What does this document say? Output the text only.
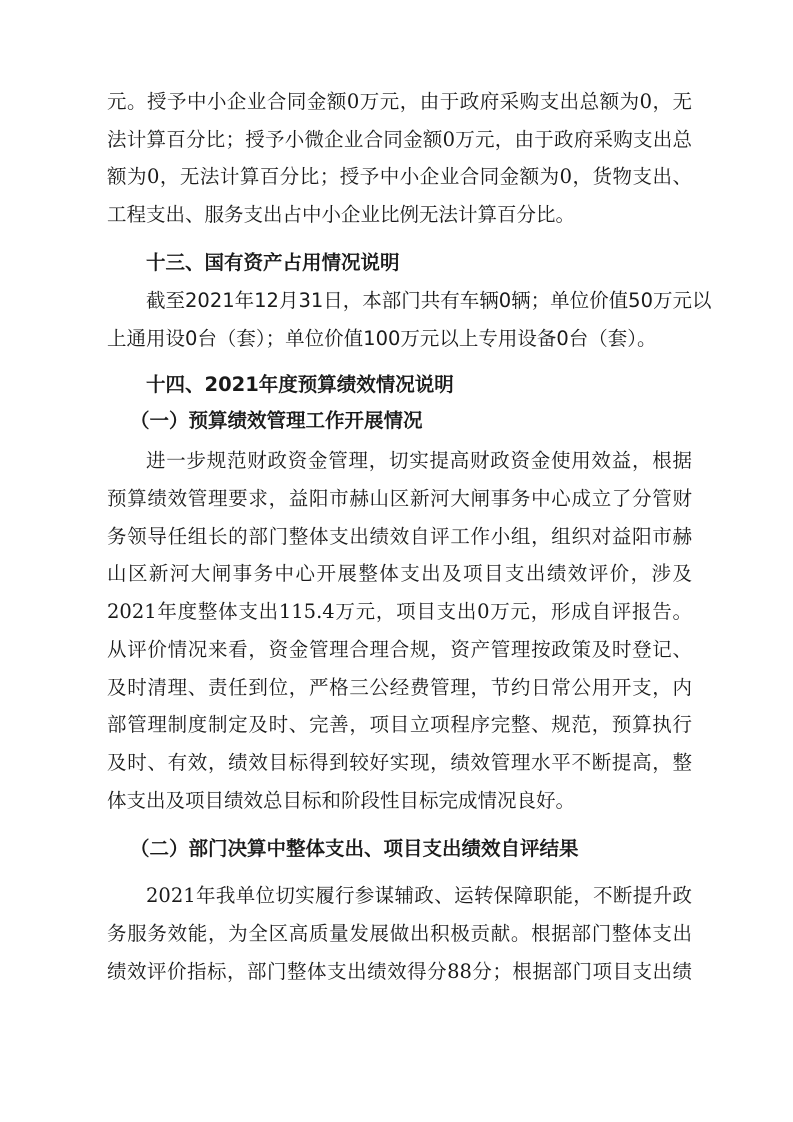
元。授予中小企业合同金额0万元，由于政府采购支出总额为0，无
法计算百分比；授予小微企业合同金额0万元，由于政府采购支出总
额为0，无法计算百分比；授予中小企业合同金额为0，货物支出、
工程支出、服务支出占中小企业比例无法计算百分比。
十三、国有资产占用情况说明
截至2021年12月31日，本部门共有车辆0辆；单位价值50万元以
上通用设0台（套）；单位价值100万元以上专用设备0台（套）。
十四、2021年度预算绩效情况说明
（一）预算绩效管理工作开展情况
进一步规范财政资金管理，切实提高财政资金使用效益，根据
预算绩效管理要求，益阳市赫山区新河大闸事务中心成立了分管财
务领导任组长的部门整体支出绩效自评工作小组，组织对益阳市赫
山区新河大闸事务中心开展整体支出及项目支出绩效评价，涉及
2021年度整体支出115.4万元，项目支出0万元，形成自评报告。
从评价情况来看，资金管理合理合规，资产管理按政策及时登记、
及时清理、责任到位，严格三公经费管理，节约日常公用开支，内
部管理制度制定及时、完善，项目立项程序完整、规范，预算执行
及时、有效，绩效目标得到较好实现，绩效管理水平不断提高，整
体支出及项目绩效总目标和阶段性目标完成情况良好。
（二）部门决算中整体支出、项目支出绩效自评结果
2021年我单位切实履行参谋辅政、运转保障职能，不断提升政
务服务效能，为全区高质量发展做出积极贡献。根据部门整体支出
绩效评价指标，部门整体支出绩效得分88分；根据部门项目支出绩
